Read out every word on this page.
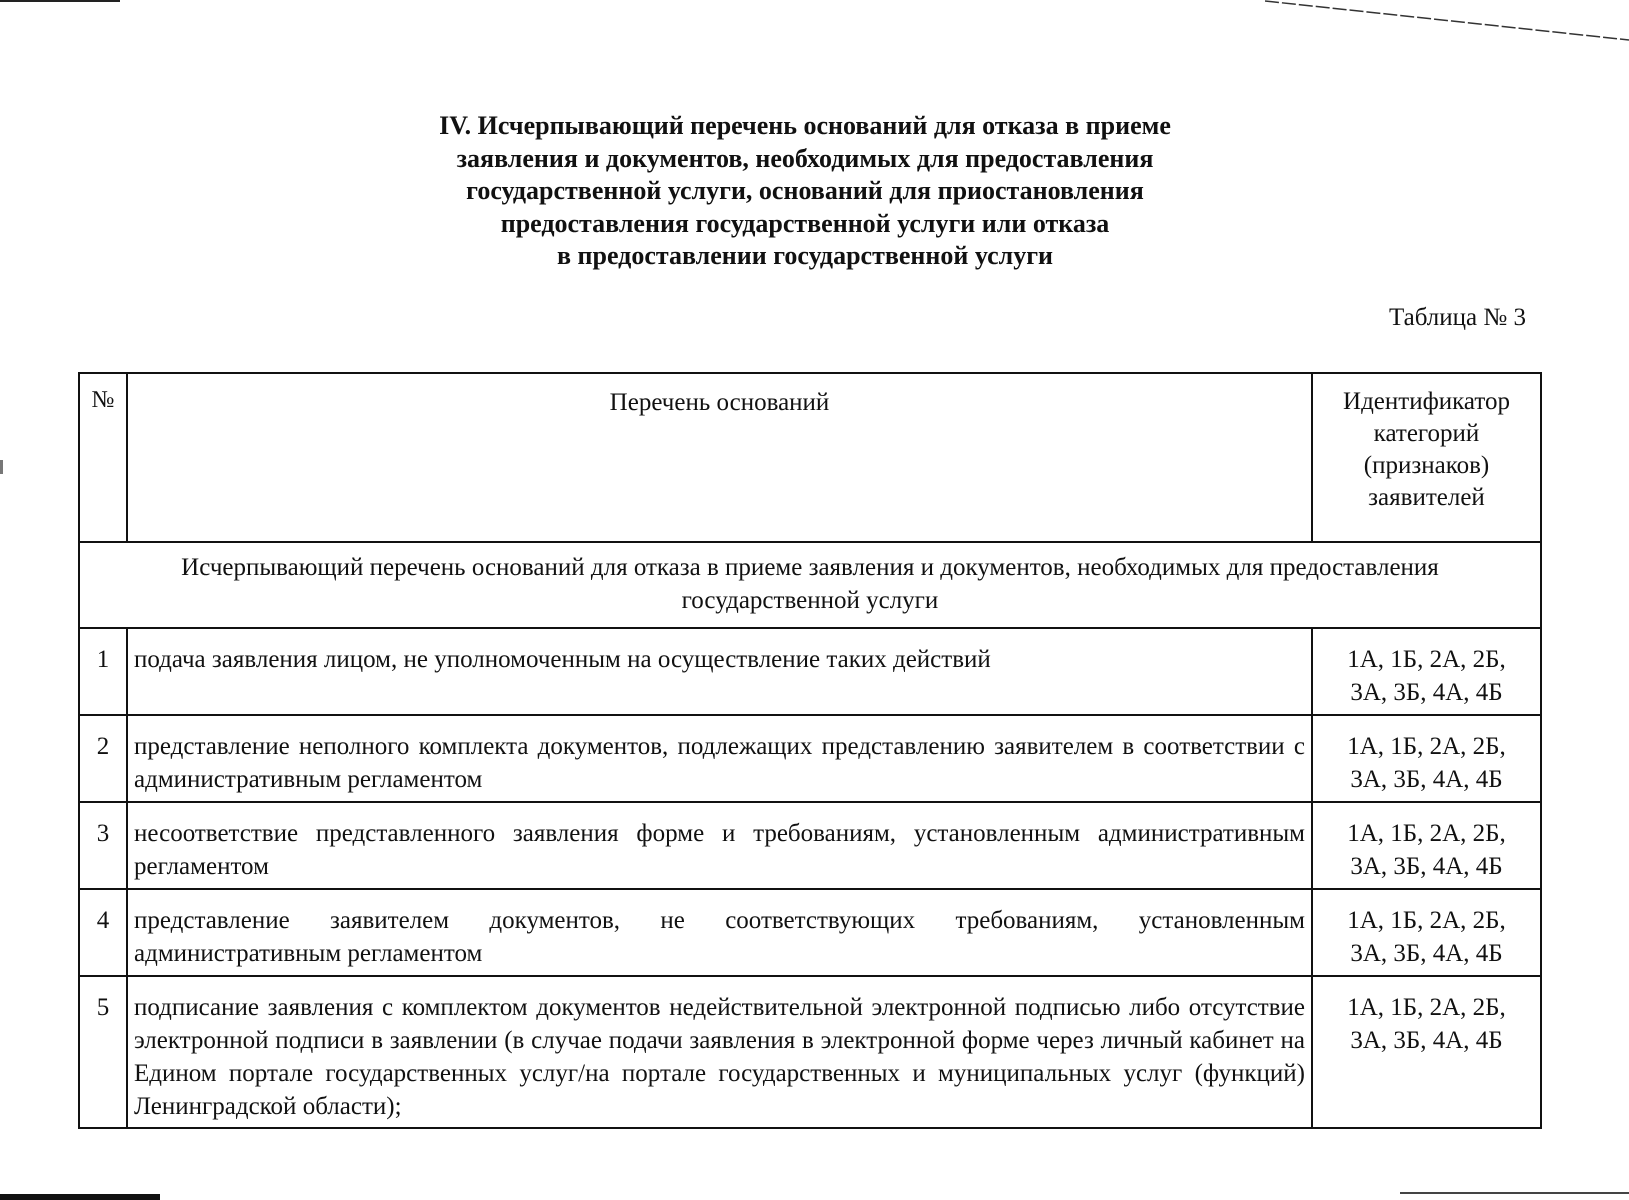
IV. Исчерпывающий перечень оснований для отказа в приеме
заявления и документов, необходимых для предоставления
государственной услуги, оснований для приостановления
предоставления государственной услуги или отказа
в предоставлении государственной услуги
Таблица № 3
№	Перечень оснований	Идентификатор
категорий
(признаков)
заявителей

Исчерпывающий перечень оснований для отказа в приеме заявления и документов, необходимых для предоставления государственной услуги		
1	подача заявления лицом, не уполномоченным на осуществление таких действий	1А, 1Б, 2А, 2Б,
3А, 3Б, 4А, 4Б

2	представление неполного комплекта документов, подлежащих представлению заявителем в соответствии с административным регламентом	1А, 1Б, 2А, 2Б,
3А, 3Б, 4А, 4Б

3	несоответствие представленного заявления форме и требованиям, установленным административным регламентом	1А, 1Б, 2А, 2Б,
3А, 3Б, 4А, 4Б

4	представление заявителем документов, не соответствующих требованиям, установленным административным регламентом	1А, 1Б, 2А, 2Б,
3А, 3Б, 4А, 4Б

5	подписание заявления с комплектом документов недействительной электронной подписью либо отсутствие электронной подписи в заявлении (в случае подачи заявления в электронной форме через личный кабинет на Едином портале государственных услуг/на портале государственных и муниципальных услуг (функций) Ленинградской области);	1А, 1Б, 2А, 2Б,
3А, 3Б, 4А, 4Б
